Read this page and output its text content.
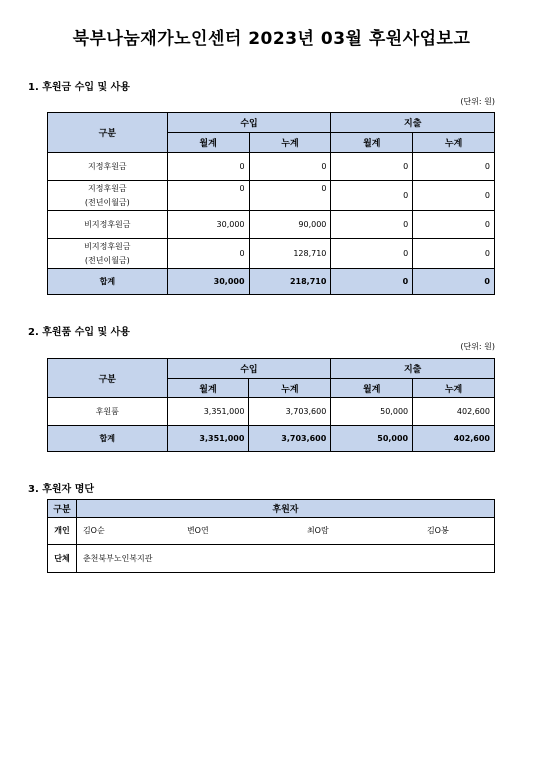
북부나눔재가노인센터 2023년 03월 후원사업보고
1. 후원금 수입 및 사용
(단위: 원)
구분	수입		지출	
	월계	누계	월계	누계
지정후원금	0	0	0	0

지정후원금
(전년이월금)	0	0	0	0
비지정후원금	30,000	90,000	0	0

비지정후원금
(전년이월금)	0	128,710	0	0
합계	30,000	218,710	0	0
2. 후원품 수입 및 사용
(단위: 원)
구분	수입		지출	
	월계	누계	월계	누계
후원품	3,351,000	3,703,600	50,000	402,600
합계	3,351,000	3,703,600	50,000	402,600
3. 후원자 명단
구분	후원자
개인	김O순 변O연 최O람 김O봉

단체	춘천북부노인복지관
